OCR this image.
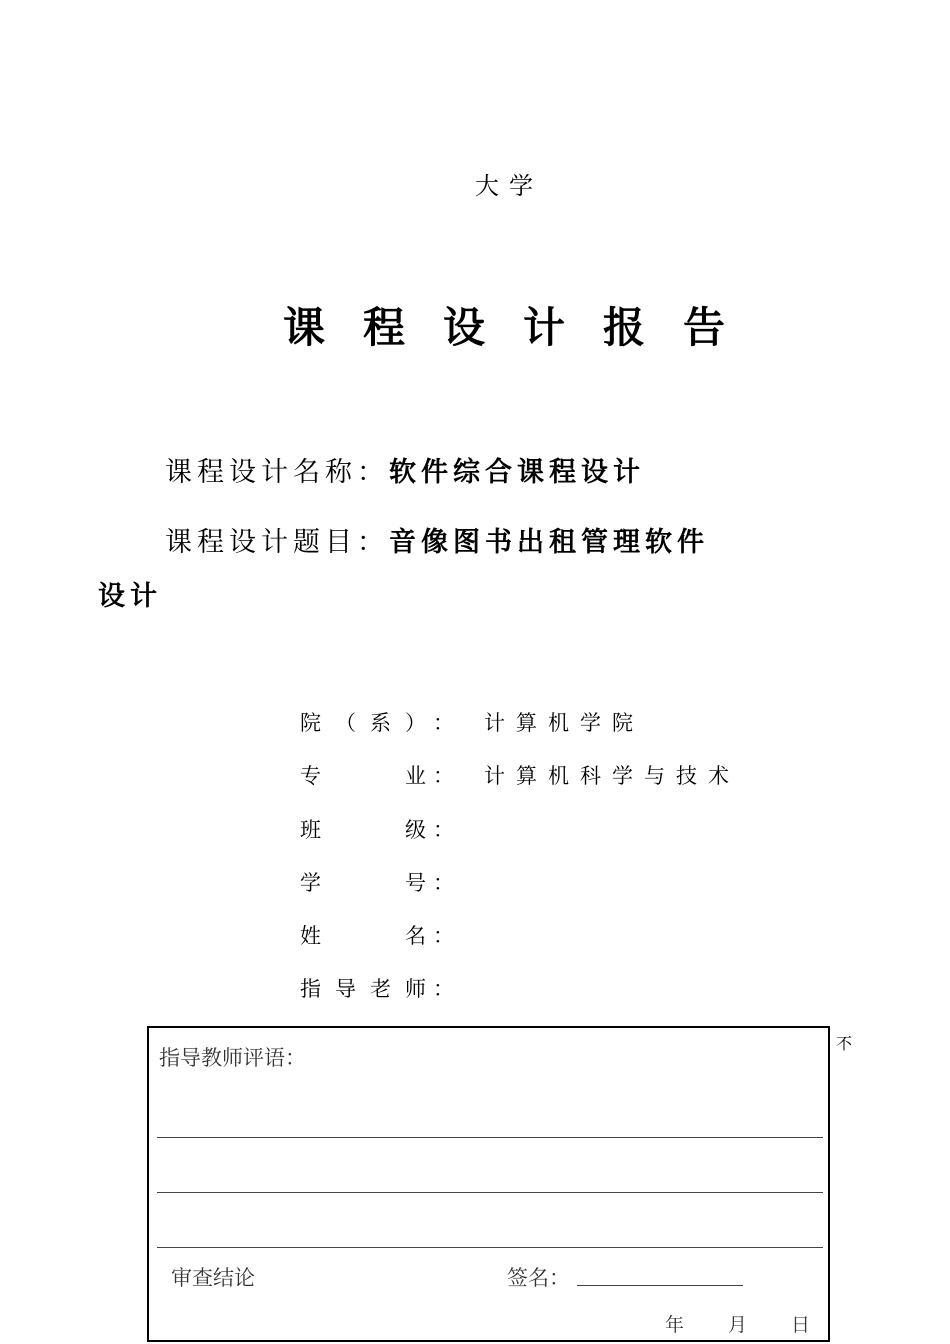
大学
课程设计报告
课程设计名称：软件综合课程设计
课程设计题目：音像图书出租管理软件
设计
院（系） ： 计算机学院
专业 ： 计算机科学与技术
班级 ：
学号 ：
姓名 ：
指导老师 ：
指导教师评语：
审查结论	签名：
年 月 日
不
